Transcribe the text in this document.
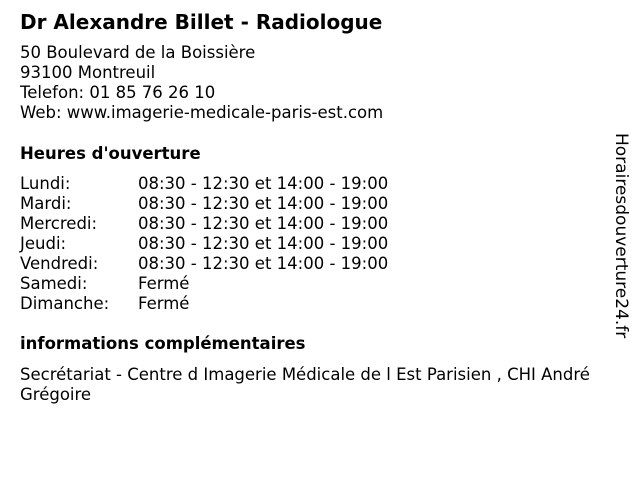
Dr Alexandre Billet - Radiologue
50 Boulevard de la Boissière
93100 Montreuil
Telefon: 01 85 76 26 10
Web: www.imagerie-medicale-paris-est.com
Heures d'ouverture
Lundi:	08:30 - 12:30 et 14:00 - 19:00
Mardi:	08:30 - 12:30 et 14:00 - 19:00
Mercredi:	08:30 - 12:30 et 14:00 - 19:00
Jeudi:	08:30 - 12:30 et 14:00 - 19:00
Vendredi:	08:30 - 12:30 et 14:00 - 19:00
Samedi:	Fermé
Dimanche:	Fermé
informations complémentaires
Secrétariat - Centre d Imagerie Médicale de l Est Parisien , CHI André Grégoire
Horairesdouverture24.fr
